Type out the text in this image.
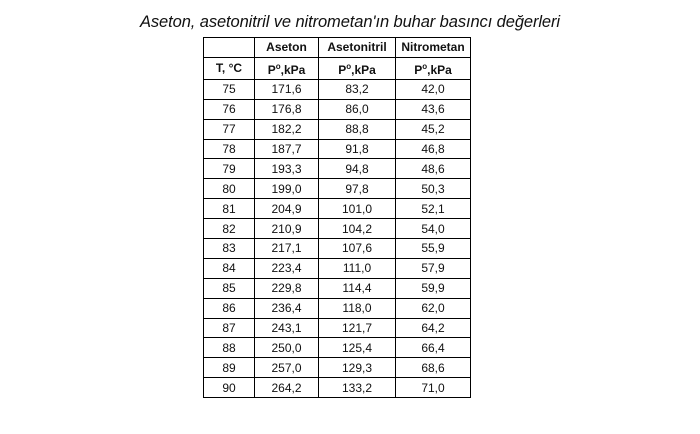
Aseton, asetonitril ve nitrometan'ın buhar basıncı değerleri
	Aseton	Asetonitril	Nitrometan
T, °C	$P^o,kPa$	$P^o,kPa$	$P^o,kPa$
75	171,6	83,2	42,0
76	176,8	86,0	43,6
77	182,2	88,8	45,2
78	187,7	91,8	46,8
79	193,3	94,8	48,6
80	199,0	97,8	50,3
81	204,9	101,0	52,1
82	210,9	104,2	54,0
83	217,1	107,6	55,9
84	223,4	111,0	57,9
85	229,8	114,4	59,9
86	236,4	118,0	62,0
87	243,1	121,7	64,2
88	250,0	125,4	66,4
89	257,0	129,3	68,6
90	264,2	133,2	71,0
